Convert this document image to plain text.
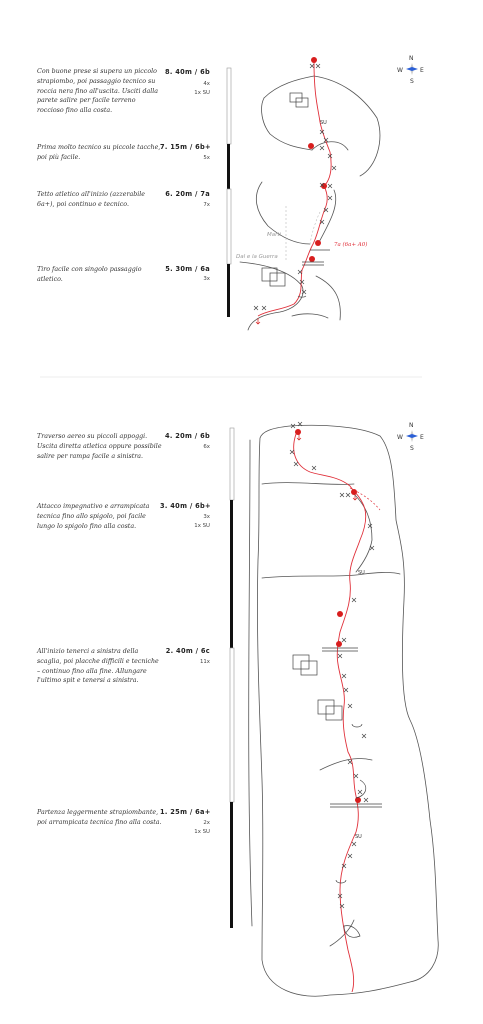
Con buone prese si supera un piccolo strapiombo, poi passaggio tecnico su roccia nera fino all'uscita. Usciti dalla parete salire per facile terreno roccioso fino alla costa.
8. 40m / 6b
4x
1x SU
Prima molto tecnico su piccole tacche, poi più facile.
7. 15m / 6b+
5x
Tetto atletico all'inizio (azzerabile 6a+), poi continuo e tecnico.
6. 20m / 7a
7x
Tiro facile con singolo passaggio atletico.
5. 30m / 6a
3x
Traverso aereo su piccoli appoggi. Uscita diretta atletica oppure possibile salire per rampa facile a sinistra.
4. 20m / 6b
6x
Attacco impegnativo e arrampicata tecnica fino allo spigolo, poi facile lungo lo spigolo fino alla costa.
3. 40m / 6b+
3x
1x SU
All'inizio tenerci a sinistra della scaglia, poi placche difficili e tecniche – continuo fino alla fine. Allungare l'ultimo spit e tenersi a sinistra.
2. 40m / 6c
11x
Partenza leggermente strapiombante, poi arrampicata tecnica fino alla costa.
1. 25m / 6a+
2x
1x SU
Marti
Dal e la Guerra
SU
7a (6a+ A0)
N
S
E
W
SU
SU
N
S
E
W
